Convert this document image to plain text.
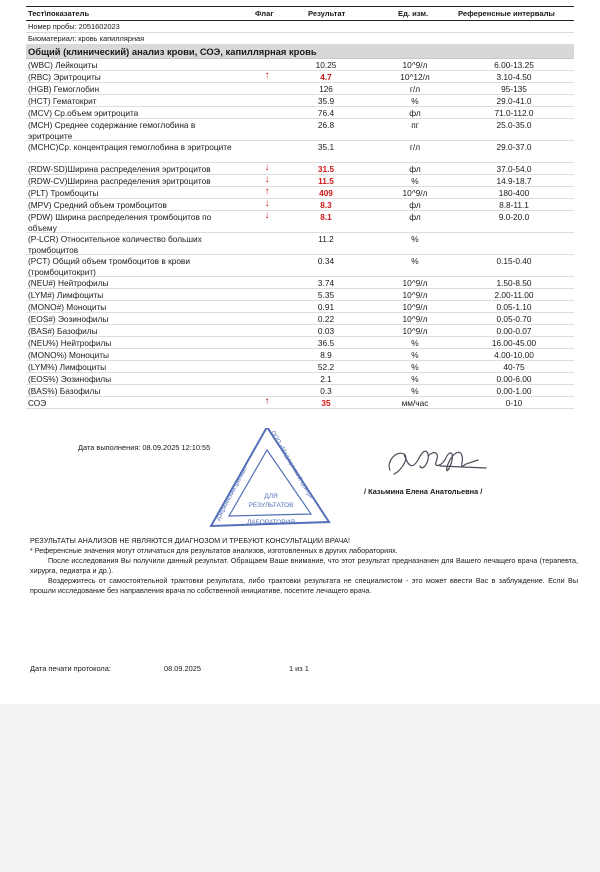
Тест\показатель	Флаг	Результат	Ед. изм.	Референсные интервалы
Номер пробы: 2051602023
Биоматериал: кровь капиллярная
Общий (клинический) анализ крови, СОЭ, капиллярная кровь
(WBC) Лейкоциты	10.25	10^9/л	6.00-13.25
(RBC) Эритроциты	↑	4.7	10^12/л	3.10-4.50
(HGB) Гемоглобин	126	г/л	95-135
(HCT) Гематокрит	35.9	%	29.0-41.0
(MCV) Ср.объем эритроцита	76.4	фл	71.0-112.0
(MCH) Среднее содержание гемоглобина в эритроците
26.8	пг	25.0-35.0
(MCHC)Ср. концентрация гемоглобина в эритроците	35.1	г/л	29.0-37.0
(RDW-SD)Ширина распределения эритроцитов	↓	31.5	фл	37.0-54.0
(RDW-CV)Ширина распределения эритроцитов	↓	11.5	%	14.9-18.7
(PLT) Тромбоциты	↑	409	10^9/л	180-400
(MPV) Средний объем тромбоцитов	↓	8.3	фл	8.8-11.1
(PDW) Ширина распределения тромбоцитов по объему
↓	8.1	фл	9.0-20.0
(P-LCR) Относительное количество больших тромбоцитов
11.2	%
(PCT) Общий объем тромбоцитов в крови (тромбоцитокрит)
0.34	%	0.15-0.40
(NEU#) Нейтрофилы	3.74	10^9/л	1.50-8.50
(LYM#) Лимфоциты	5.35	10^9/л	2.00-11.00
(MONO#) Моноциты	0.91	10^9/л	0.05-1.10
(EOS#) Эозинофилы	0.22	10^9/л	0.05-0.70
(BAS#) Базофилы	0.03	10^9/л	0.00-0.07
(NEU%) Нейтрофилы	36.5	%	16.00-45.00
(MONO%) Моноциты	8.9	%	4.00-10.00
(LYM%) Лимфоциты	52.2	%	40-75
(EOS%) Эозинофилы	2.1	%	0.00-6.00
(BAS%) Базофилы	0.3	%	0.00-1.00
СОЭ	↑	35	мм/час	0-10
Дата выполнения: 08.09.2025 12:10:55
Дзержинский филиал
ООО «Медицинский центр»
ДЛЯ
РЕЗУЛЬТАТОВ
ЛАБОРАТОРИЯ
/ Казьмина Елена Анатольевна /

РЕЗУЛЬТАТЫ АНАЛИЗОВ НЕ ЯВЛЯЮТСЯ ДИАГНОЗОМ И ТРЕБУЮТ КОНСУЛЬТАЦИИ ВРАЧА!

* Референсные значения могут отличаться для результатов анализов, изготовленных в других лабораториях.

После исследования Вы получили данный результат. Обращаем Ваше внимание, что этот результат предназначен для Вашего лечащего врача (терапевта, хирурга, педиатра и др.).

Воздержитесь от самостоятельной трактовки результата, либо трактовки результата не специалистом - это может ввести Вас в заблуждение. Если Вы прошли исследование без направления врача по собственной инициативе, посетите лечащего врача.

Дата печати протокола:	08.09.2025	1 из 1
